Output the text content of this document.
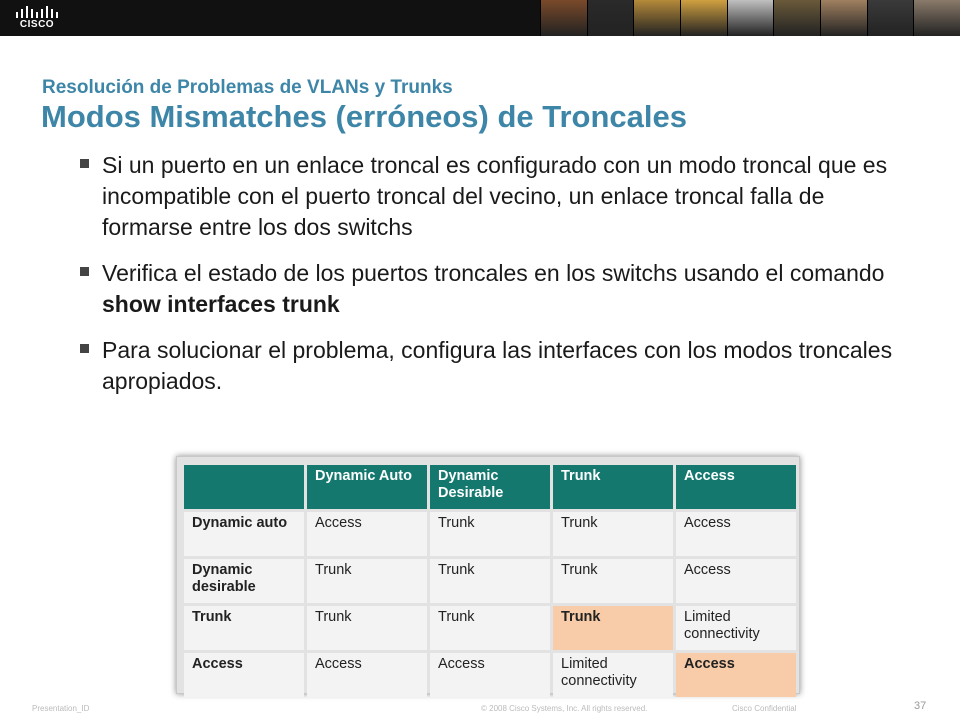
CISCO
Resolución de Problemas de VLANs y Trunks
Modos Mismatches (erróneos) de Troncales
Si un puerto en un enlace troncal es configurado con un modo troncal que es incompatible con el puerto troncal del vecino, un enlace troncal falla de formarse entre los dos switchs
Verifica el estado de los puertos troncales en los switchs usando el comando show interfaces trunk
Para solucionar el problema, configura las interfaces con los modos troncales apropiados.
	Dynamic Auto	Dynamic Desirable	Trunk	Access
Dynamic auto	Access	Trunk	Trunk	Access
Dynamic desirable	Trunk	Trunk	Trunk	Access
Trunk	Trunk	Trunk	Trunk	Limited connectivity
Access	Access	Access	Limited connectivity	Access
Presentation_ID	© 2008 Cisco Systems, Inc. All rights reserved.	Cisco Confidential	37
